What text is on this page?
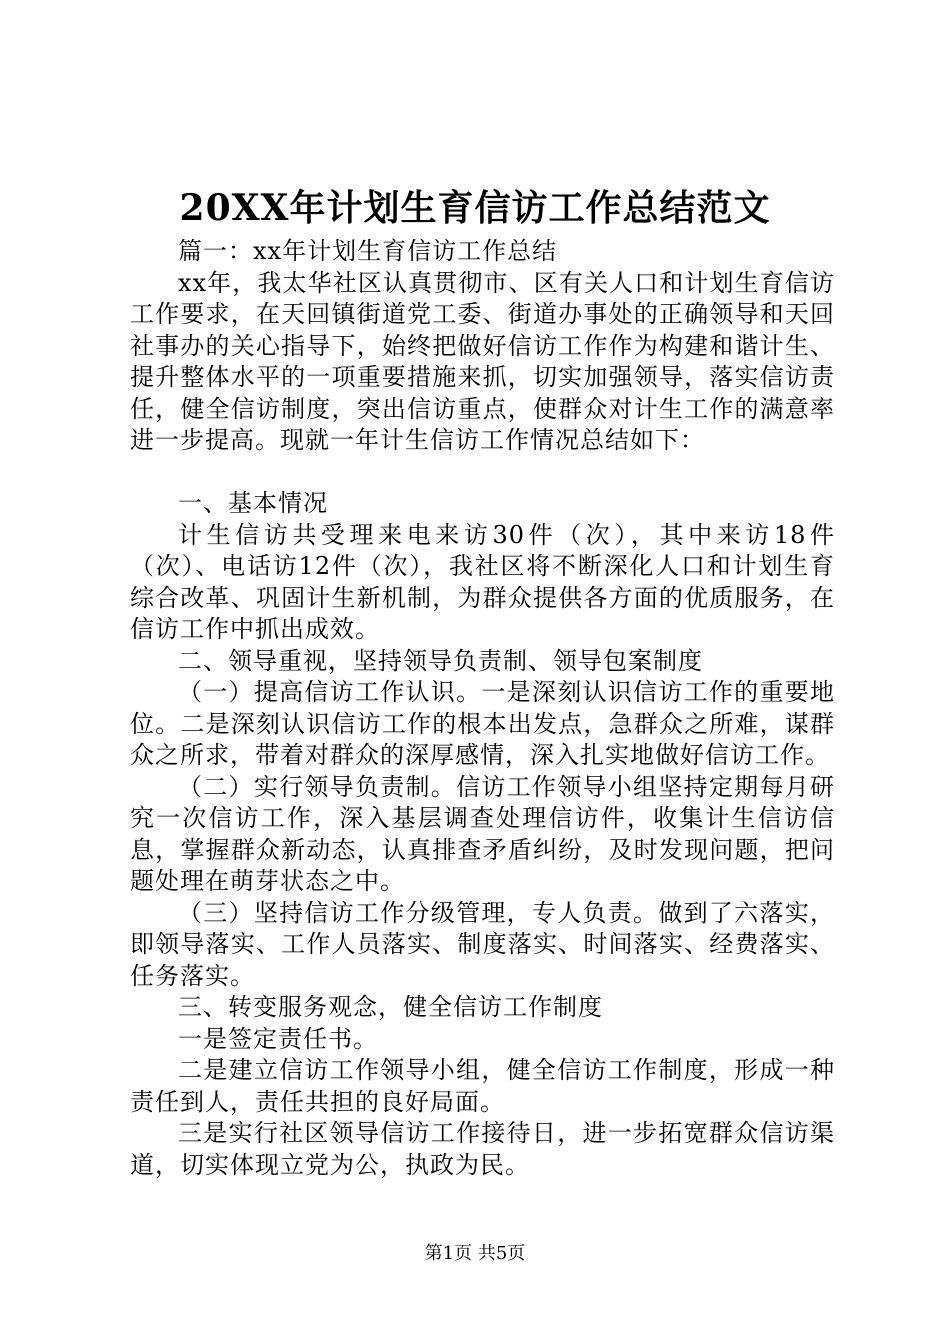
20XX年计划生育信访工作总结范文

篇一：xx年计划生育信访工作总结

xx年，我太华社区认真贯彻市、区有关人口和计划生育信访工作要求，在天回镇街道党工委、街道办事处的正确领导和天回社事办的关心指导下，始终把做好信访工作作为构建和谐计生、提升整体水平的一项重要措施来抓，切实加强领导，落实信访责任，健全信访制度，突出信访重点，使群众对计生工作的满意率进一步提高。现就一年计生信访工作情况总结如下：

一、基本情况

计生信访共受理来电来访30件（次），其中来访18件（次）、电话访12件（次），我社区将不断深化人口和计划生育综合改革、巩固计生新机制，为群众提供各方面的优质服务，在信访工作中抓出成效。

二、领导重视，坚持领导负责制、领导包案制度

（一）提高信访工作认识。一是深刻认识信访工作的重要地位。二是深刻认识信访工作的根本出发点，急群众之所难，谋群众之所求，带着对群众的深厚感情，深入扎实地做好信访工作。

（二）实行领导负责制。信访工作领导小组坚持定期每月研究一次信访工作，深入基层调查处理信访件，收集计生信访信息，掌握群众新动态，认真排查矛盾纠纷，及时发现问题，把问题处理在萌芽状态之中。

（三）坚持信访工作分级管理，专人负责。做到了六落实，即领导落实、工作人员落实、制度落实、时间落实、经费落实、任务落实。

三、转变服务观念，健全信访工作制度

一是签定责任书。

二是建立信访工作领导小组，健全信访工作制度，形成一种责任到人，责任共担的良好局面。

三是实行社区领导信访工作接待日，进一步拓宽群众信访渠道，切实体现立党为公，执政为民。

第1页 共5页
